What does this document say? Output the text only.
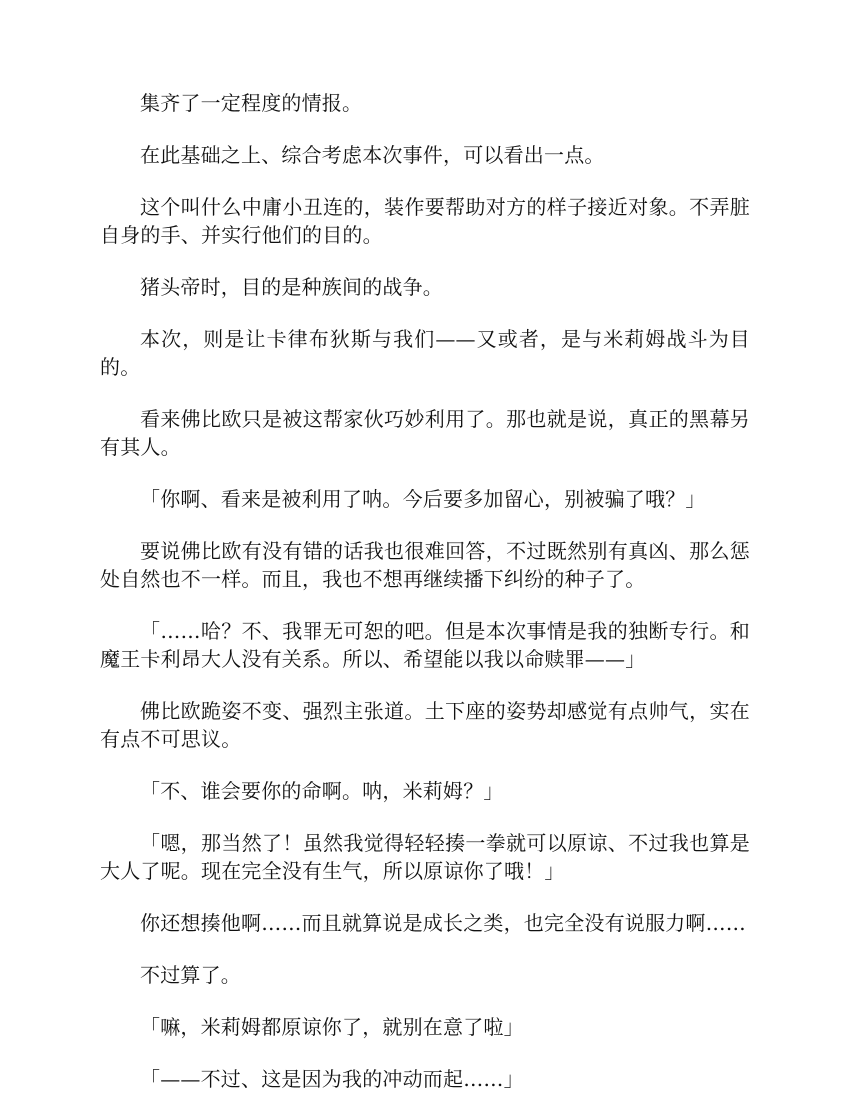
集齐了一定程度的情报。

在此基础之上、综合考虑本次事件，可以看出一点。

这个叫什么中庸小丑连的，装作要帮助对方的样子接近对象。不弄脏自身的手、并实行他们的目的。

猪头帝时，目的是种族间的战争。

本次，则是让卡律布狄斯与我们——又或者，是与米莉姆战斗为目的。

看来佛比欧只是被这帮家伙巧妙利用了。那也就是说，真正的黑幕另有其人。

「你啊、看来是被利用了呐。今后要多加留心，别被骗了哦？」

要说佛比欧有没有错的话我也很难回答，不过既然别有真凶、那么惩处自然也不一样。而且，我也不想再继续播下纠纷的种子了。

「……哈？不、我罪无可恕的吧。但是本次事情是我的独断专行。和魔王卡利昂大人没有关系。所以、希望能以我以命赎罪——」

佛比欧跪姿不变、强烈主张道。土下座的姿势却感觉有点帅气，实在有点不可思议。

「不、谁会要你的命啊。呐，米莉姆？」

「嗯，那当然了！虽然我觉得轻轻揍一拳就可以原谅、不过我也算是大人了呢。现在完全没有生气，所以原谅你了哦！」

你还想揍他啊……而且就算说是成长之类，也完全没有说服力啊……

不过算了。

「嘛，米莉姆都原谅你了，就别在意了啦」

「——不过、这是因为我的冲动而起……」
